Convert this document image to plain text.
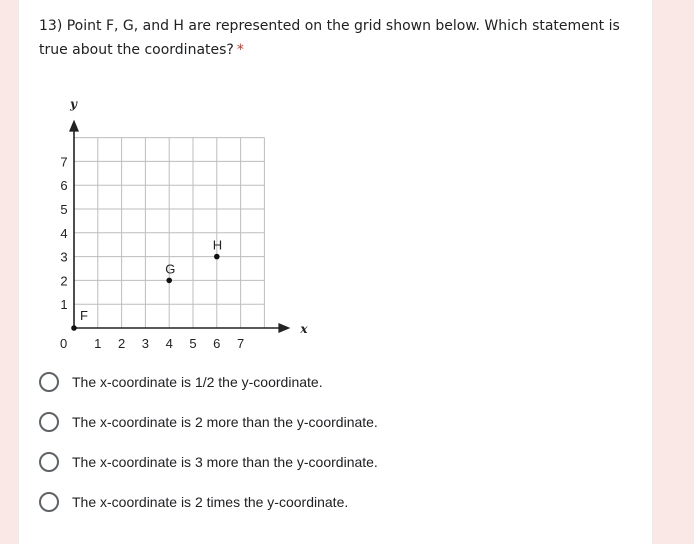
13) Point F, G, and H are represented on the grid shown below. Which statement is true about the coordinates? *

x
y
0 1 2 3 4 5 6 7
1
2
3
4
5
6
7
F
G
H
The x-coordinate is 1/2 the y-coordinate.
The x-coordinate is 2 more than the y-coordinate.
The x-coordinate is 3 more than the y-coordinate.
The x-coordinate is 2 times the y-coordinate.
